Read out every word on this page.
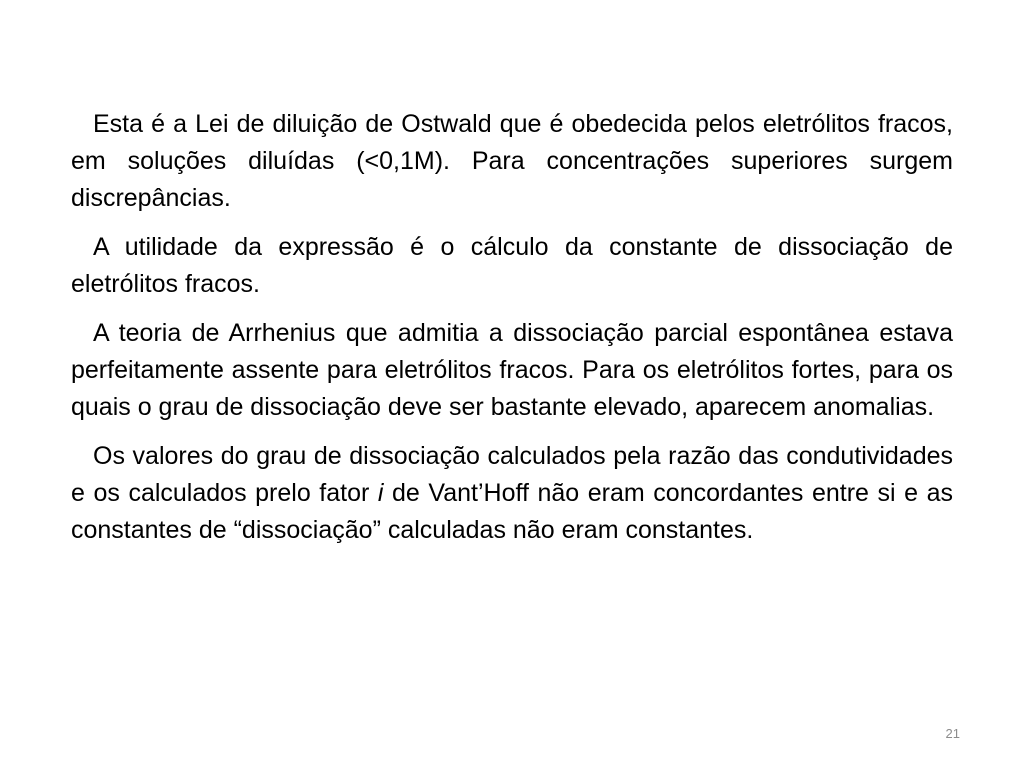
Esta é a Lei de diluição de Ostwald que é obedecida pelos eletrólitos fracos, em soluções diluídas (<0,1M). Para concentrações superiores surgem discrepâncias.

A utilidade da expressão é o cálculo da constante de dissociação de eletrólitos fracos.

A teoria de Arrhenius que admitia a dissociação parcial espontânea estava perfeitamente assente para eletrólitos fracos. Para os eletrólitos fortes, para os quais o grau de dissociação deve ser bastante elevado, aparecem anomalias.

Os valores do grau de dissociação calculados pela razão das condutividades e os calculados prelo fator i de Vant’Hoff não eram concordantes entre si e as constantes de “dissociação” calculadas não eram constantes.

21
